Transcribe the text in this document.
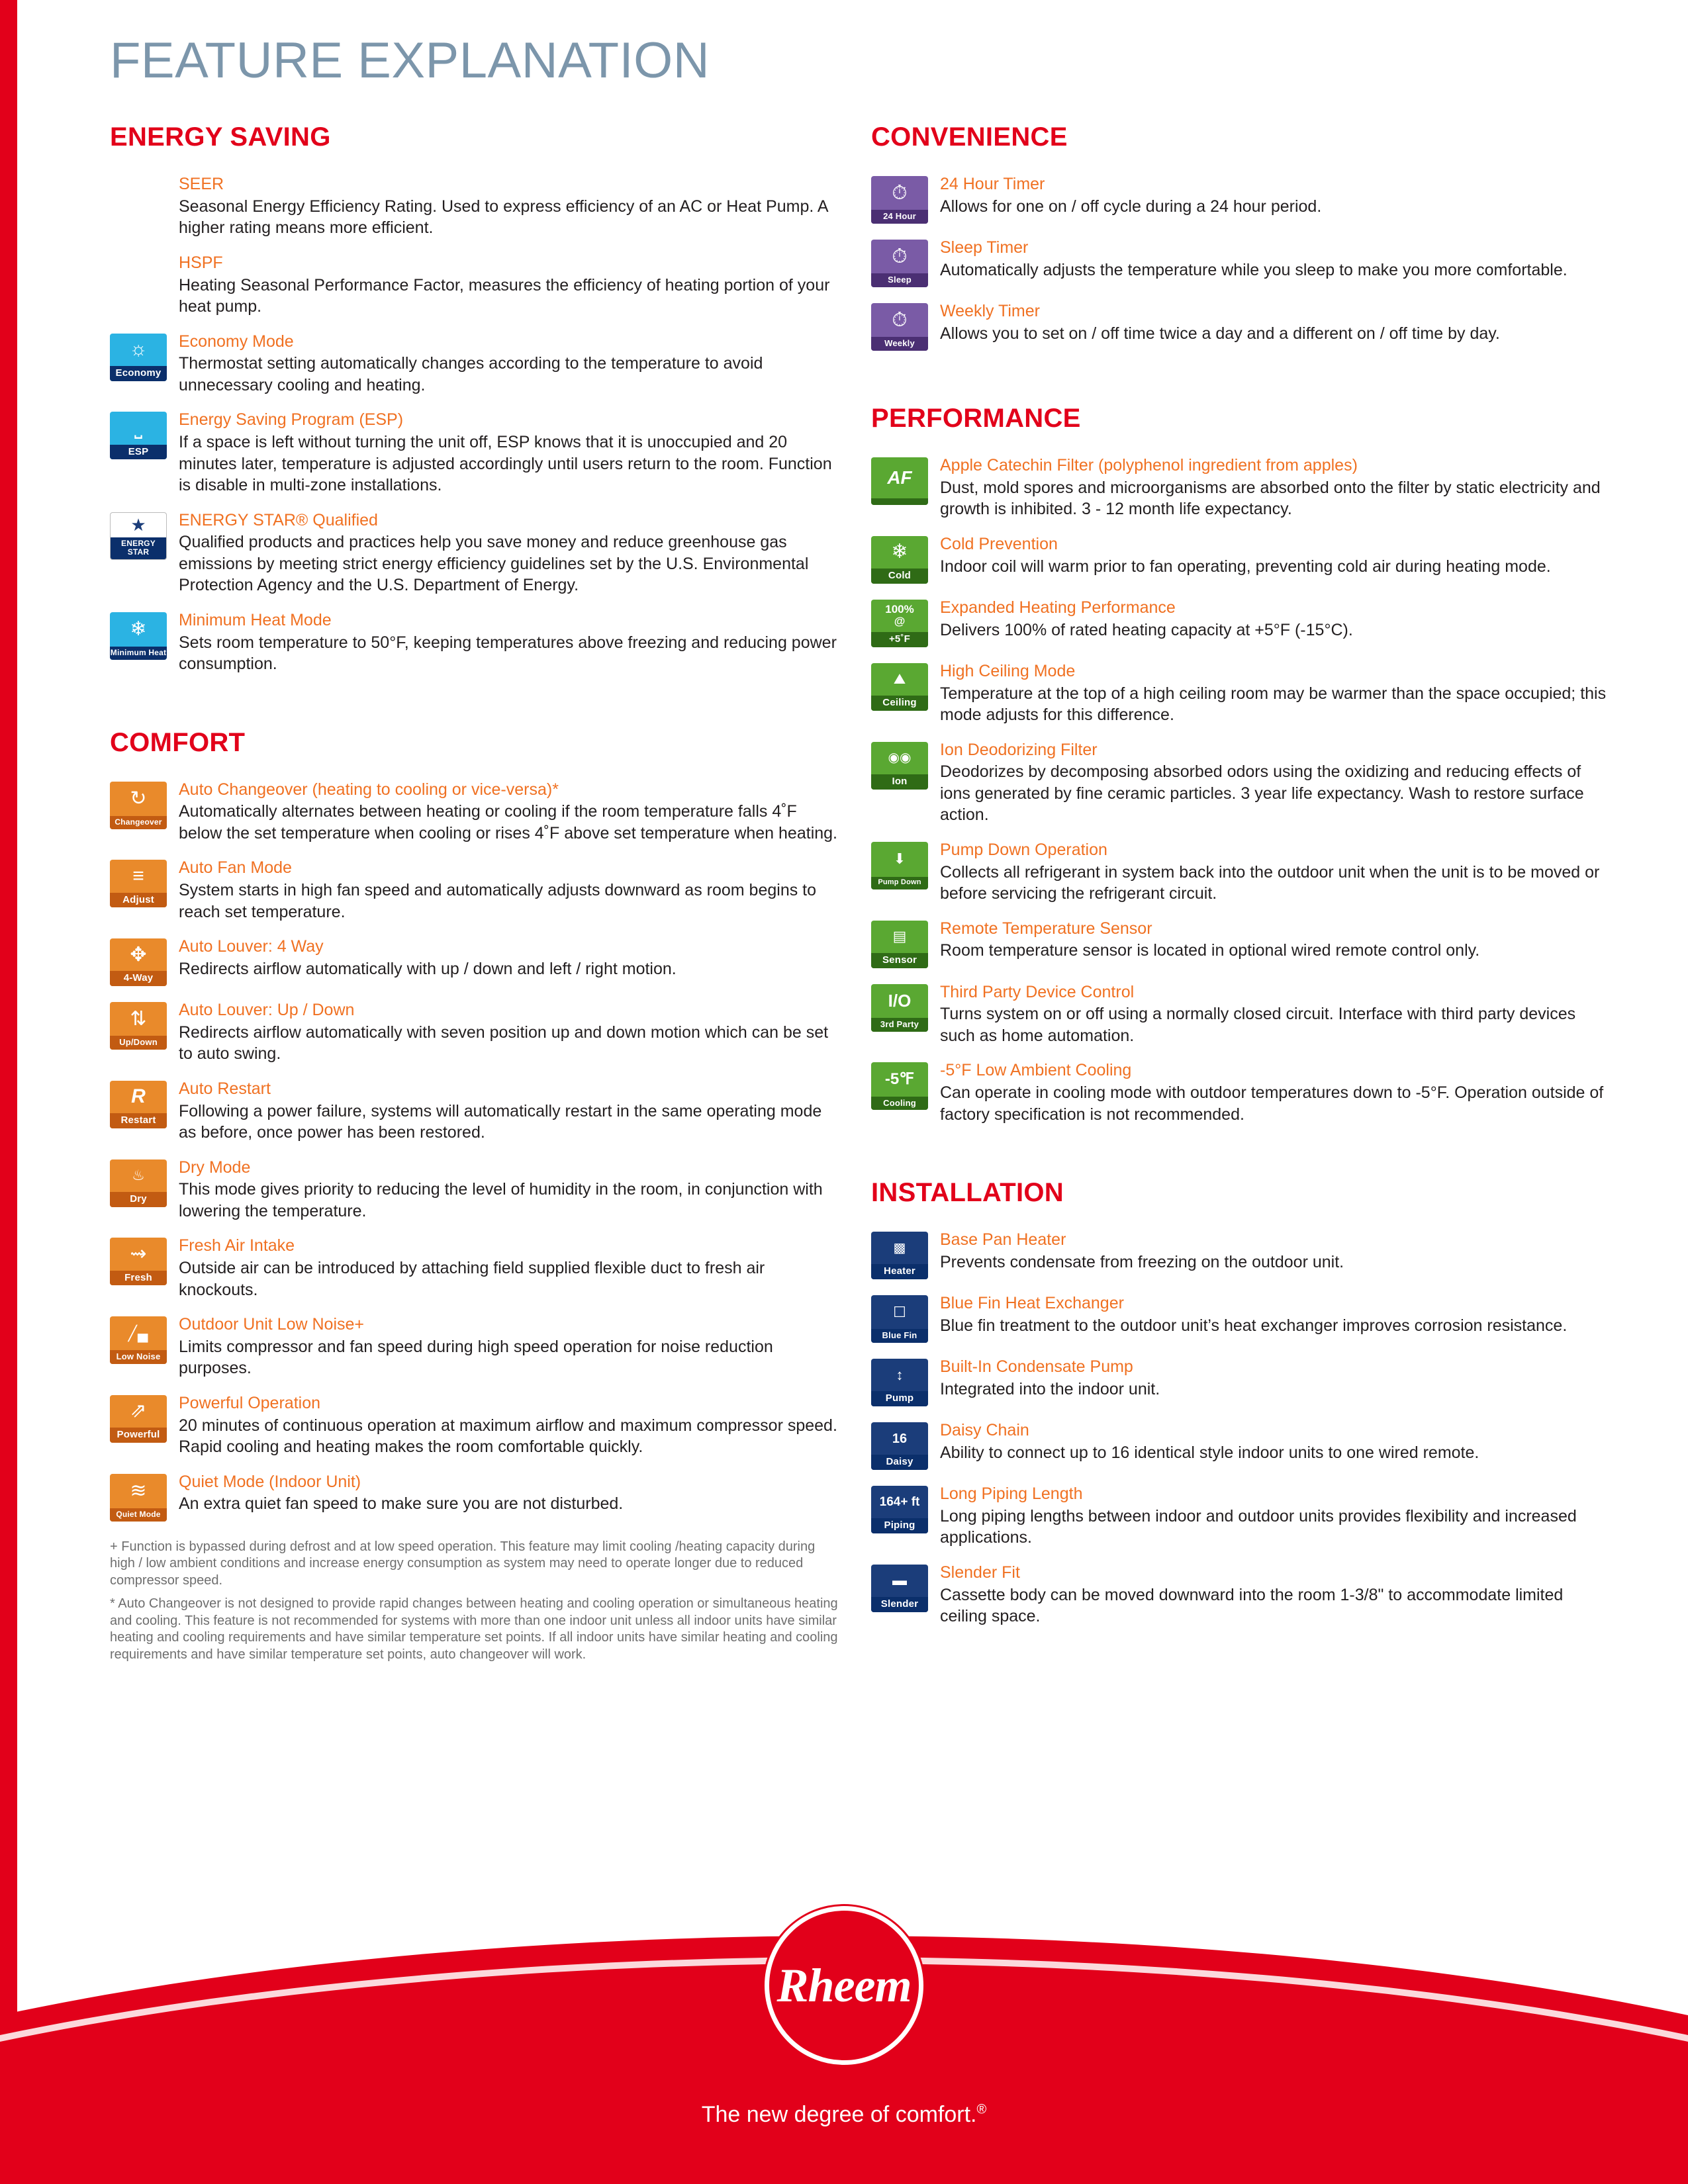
FEATURE EXPLANATION
ENERGY SAVING

SEER

Seasonal Energy Efficiency Rating. Used to express efficiency of an AC or Heat Pump. A higher rating means more efficient.

HSPF

Heating Seasonal Performance Factor, measures the efficiency of heating portion of your heat pump.

☼
Economy

Economy Mode

Thermostat setting automatically changes according to the temperature to avoid unnecessary cooling and heating.

⎵
ESP

Energy Saving Program (ESP)

If a space is left without turning the unit off, ESP knows that it is unoccupied and 20 minutes later, temperature is adjusted accordingly until users return to the room. Function is disable in multi-zone installations.

★
ENERGY STAR

ENERGY STAR® Qualified

Qualified products and practices help you save money and reduce greenhouse gas emissions by meeting strict energy efficiency guidelines set by the U.S. Environmental Protection Agency and the U.S. Department of Energy.

❄
Minimum Heat

Minimum Heat Mode

Sets room temperature to 50°F, keeping temperatures above freezing and reducing power consumption.

COMFORT
↻
Changeover

Auto Changeover (heating to cooling or vice-versa)*

Automatically alternates between heating or cooling if the room temperature falls 4˚F below the set temperature when cooling or rises 4˚F above set temperature when heating.

≡
Adjust

Auto Fan Mode

System starts in high fan speed and automatically adjusts downward as room begins to reach set temperature.

✥
4-Way

Auto Louver: 4 Way

Redirects airflow automatically with up / down and left / right motion.

⇅
Up/Down

Auto Louver: Up / Down

Redirects airflow automatically with seven position up and down motion which can be set to auto swing.

R
Restart

Auto Restart

Following a power failure, systems will automatically restart in the same operating mode as before, once power has been restored.

♨
Dry

Dry Mode

This mode gives priority to reducing the level of humidity in the room, in conjunction with lowering the temperature.

⇝
Fresh

Fresh Air Intake

Outside air can be introduced by attaching field supplied flexible duct to fresh air knockouts.

╱▄
Low Noise

Outdoor Unit Low Noise+

Limits compressor and fan speed during high speed operation for noise reduction purposes.

⇗
Powerful

Powerful Operation

20 minutes of continuous operation at maximum airflow and maximum compressor speed. Rapid cooling and heating makes the room comfortable quickly.

≋
Quiet Mode

Quiet Mode (Indoor Unit)

An extra quiet fan speed to make sure you are not disturbed.

+ Function is bypassed during defrost and at low speed operation. This feature may limit cooling /heating capacity during high / low ambient conditions and increase energy consumption as system may need to operate longer due to reduced compressor speed.

* Auto Changeover is not designed to provide rapid changes between heating and cooling operation or simultaneous heating and cooling. This feature is not recommended for systems with more than one indoor unit unless all indoor units have similar heating and cooling requirements and have similar temperature set points. If all indoor units have similar heating and cooling requirements and have similar temperature set points, auto changeover will work.

CONVENIENCE
⏱
24 Hour

24 Hour Timer

Allows for one on / off cycle during a 24 hour period.

⏱
Sleep

Sleep Timer

Automatically adjusts the temperature while you sleep to make you more comfortable.

⏱
Weekly

Weekly Timer

Allows you to set on / off time twice a day and a different on / off time by day.

PERFORMANCE
AF

Apple Catechin Filter (polyphenol ingredient from apples)

Dust, mold spores and microorganisms are absorbed onto the filter by static electricity and growth is inhibited. 3 - 12 month life expectancy.

❄
Cold

Cold Prevention

Indoor coil will warm prior to fan operating, preventing cold air during heating mode.

100%
@
+5˚F

Expanded Heating Performance

Delivers 100% of rated heating capacity at +5°F (-15°C).

⛰
Ceiling

High Ceiling Mode

Temperature at the top of a high ceiling room may be warmer than the space occupied; this mode adjusts for this difference.

◉◉
Ion

Ion Deodorizing Filter

Deodorizes by decomposing absorbed odors using the oxidizing and reducing effects of ions generated by fine ceramic particles. 3 year life expectancy. Wash to restore surface action.

⬇
Pump Down

Pump Down Operation

Collects all refrigerant in system back into the outdoor unit when the unit is to be moved or before servicing the refrigerant circuit.

▤
Sensor

Remote Temperature Sensor

Room temperature sensor is located in optional wired remote control only.

I/O
3rd Party

Third Party Device Control

Turns system on or off using a normally closed circuit. Interface with third party devices such as home automation.

-5℉
Cooling

-5°F Low Ambient Cooling

Can operate in cooling mode with outdoor temperatures down to -5°F. Operation outside of factory specification is not recommended.

INSTALLATION
▩
Heater

Base Pan Heater

Prevents condensate from freezing on the outdoor unit.

☐
Blue Fin

Blue Fin Heat Exchanger

Blue fin treatment to the outdoor unit’s heat exchanger improves corrosion resistance.

↕
Pump

Built-In Condensate Pump

Integrated into the indoor unit.

16
Daisy

Daisy Chain

Ability to connect up to 16 identical style indoor units to one wired remote.

164+ ft
Piping

Long Piping Length

Long piping lengths between indoor and outdoor units provides flexibility and increased applications.

▬
Slender

Slender Fit

Cassette body can be moved downward into the room 1-3/8" to accommodate limited ceiling space.

Rheem
The new degree of comfort.®
